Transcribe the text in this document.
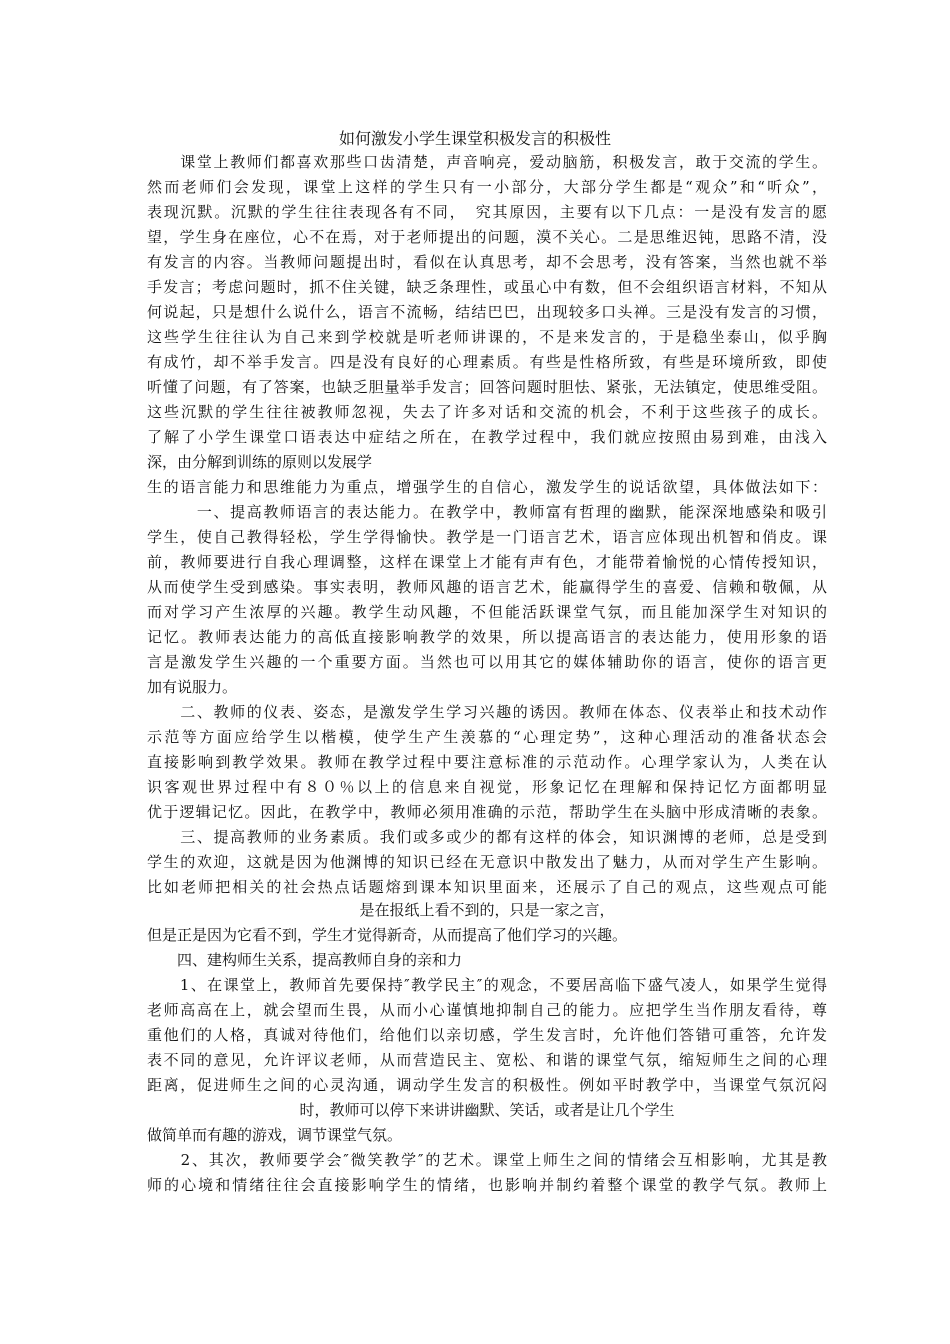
如何激发小学生课堂积极发言的积极性

　　课堂上教师们都喜欢那些口齿清楚，声音响亮，爱动脑筋，积极发言，敢于交流的学生。

然而老师们会发现，课堂上这样的学生只有一小部分，大部分学生都是“观众”和“听众”，

表现沉默。沉默的学生往往表现各有不同，　究其原因，主要有以下几点：一是没有发言的愿

望，学生身在座位，心不在焉，对于老师提出的问题，漠不关心。二是思维迟钝，思路不清，没

有发言的内容。当教师问题提出时，看似在认真思考，却不会思考，没有答案，当然也就不举

手发言；考虑问题时，抓不住关键，缺乏条理性，或虽心中有数，但不会组织语言材料，不知从

何说起，只是想什么说什么，语言不流畅，结结巴巴，出现较多口头禅。三是没有发言的习惯，

这些学生往往认为自己来到学校就是听老师讲课的，不是来发言的，于是稳坐泰山，似乎胸

有成竹，却不举手发言。四是没有良好的心理素质。有些是性格所致，有些是环境所致，即使

听懂了问题，有了答案，也缺乏胆量举手发言；回答问题时胆怯、紧张，无法镇定，使思维受阻。

这些沉默的学生往往被教师忽视，失去了许多对话和交流的机会，不利于这些孩子的成长。

了解了小学生课堂口语表达中症结之所在，在教学过程中，我们就应按照由易到难，由浅入

深，由分解到训练的原则以发展学

生的语言能力和思维能力为重点，增强学生的自信心，激发学生的说话欲望，具体做法如下：

　　　一、提高教师语言的表达能力。在教学中，教师富有哲理的幽默，能深深地感染和吸引

学生，使自己教得轻松，学生学得愉快。教学是一门语言艺术，语言应体现出机智和俏皮。课

前，教师要进行自我心理调整，这样在课堂上才能有声有色，才能带着愉悦的心情传授知识，

从而使学生受到感染。事实表明，教师风趣的语言艺术，能赢得学生的喜爱、信赖和敬佩，从

而对学习产生浓厚的兴趣。教学生动风趣，不但能活跃课堂气氛，而且能加深学生对知识的

记忆。教师表达能力的高低直接影响教学的效果，所以提高语言的表达能力，使用形象的语

言是激发学生兴趣的一个重要方面。当然也可以用其它的媒体辅助你的语言，使你的语言更

加有说服力。

　　二、教师的仪表、姿态，是激发学生学习兴趣的诱因。教师在体态、仪表举止和技术动作

示范等方面应给学生以楷模，使学生产生羡慕的“心理定势”，这种心理活动的准备状态会

直接影响到教学效果。教师在教学过程中要注意标准的示范动作。心理学家认为，人类在认

识客观世界过程中有８０％以上的信息来自视觉，形象记忆在理解和保持记忆方面都明显

优于逻辑记忆。因此，在教学中，教师必须用准确的示范，帮助学生在头脑中形成清晰的表象。

　　三、提高教师的业务素质。我们或多或少的都有这样的体会，知识渊博的老师，总是受到

学生的欢迎，这就是因为他渊博的知识已经在无意识中散发出了魅力，从而对学生产生影响。

比如老师把相关的社会热点话题熔到课本知识里面来，还展示了自己的观点，这些观点可能

是在报纸上看不到的，只是一家之言，

但是正是因为它看不到，学生才觉得新奇，从而提高了他们学习的兴趣。

　　四、建构师生关系，提高教师自身的亲和力

　　1、在课堂上，教师首先要保持″教学民主″的观念，不要居高临下盛气凌人，如果学生觉得

老师高高在上，就会望而生畏，从而小心谨慎地抑制自己的能力。应把学生当作朋友看待，尊

重他们的人格，真诚对待他们，给他们以亲切感，学生发言时，允许他们答错可重答，允许发

表不同的意见，允许评议老师，从而营造民主、宽松、和谐的课堂气氛，缩短师生之间的心理

距离，促进师生之间的心灵沟通，调动学生发言的积极性。例如平时教学中，当课堂气氛沉闷

时，教师可以停下来讲讲幽默、笑话，或者是让几个学生

做简单而有趣的游戏，调节课堂气氛。

　　2、其次，教师要学会″微笑教学″的艺术。课堂上师生之间的情绪会互相影响，尤其是教

师的心境和情绪往往会直接影响学生的情绪，也影响并制约着整个课堂的教学气氛。教师上
